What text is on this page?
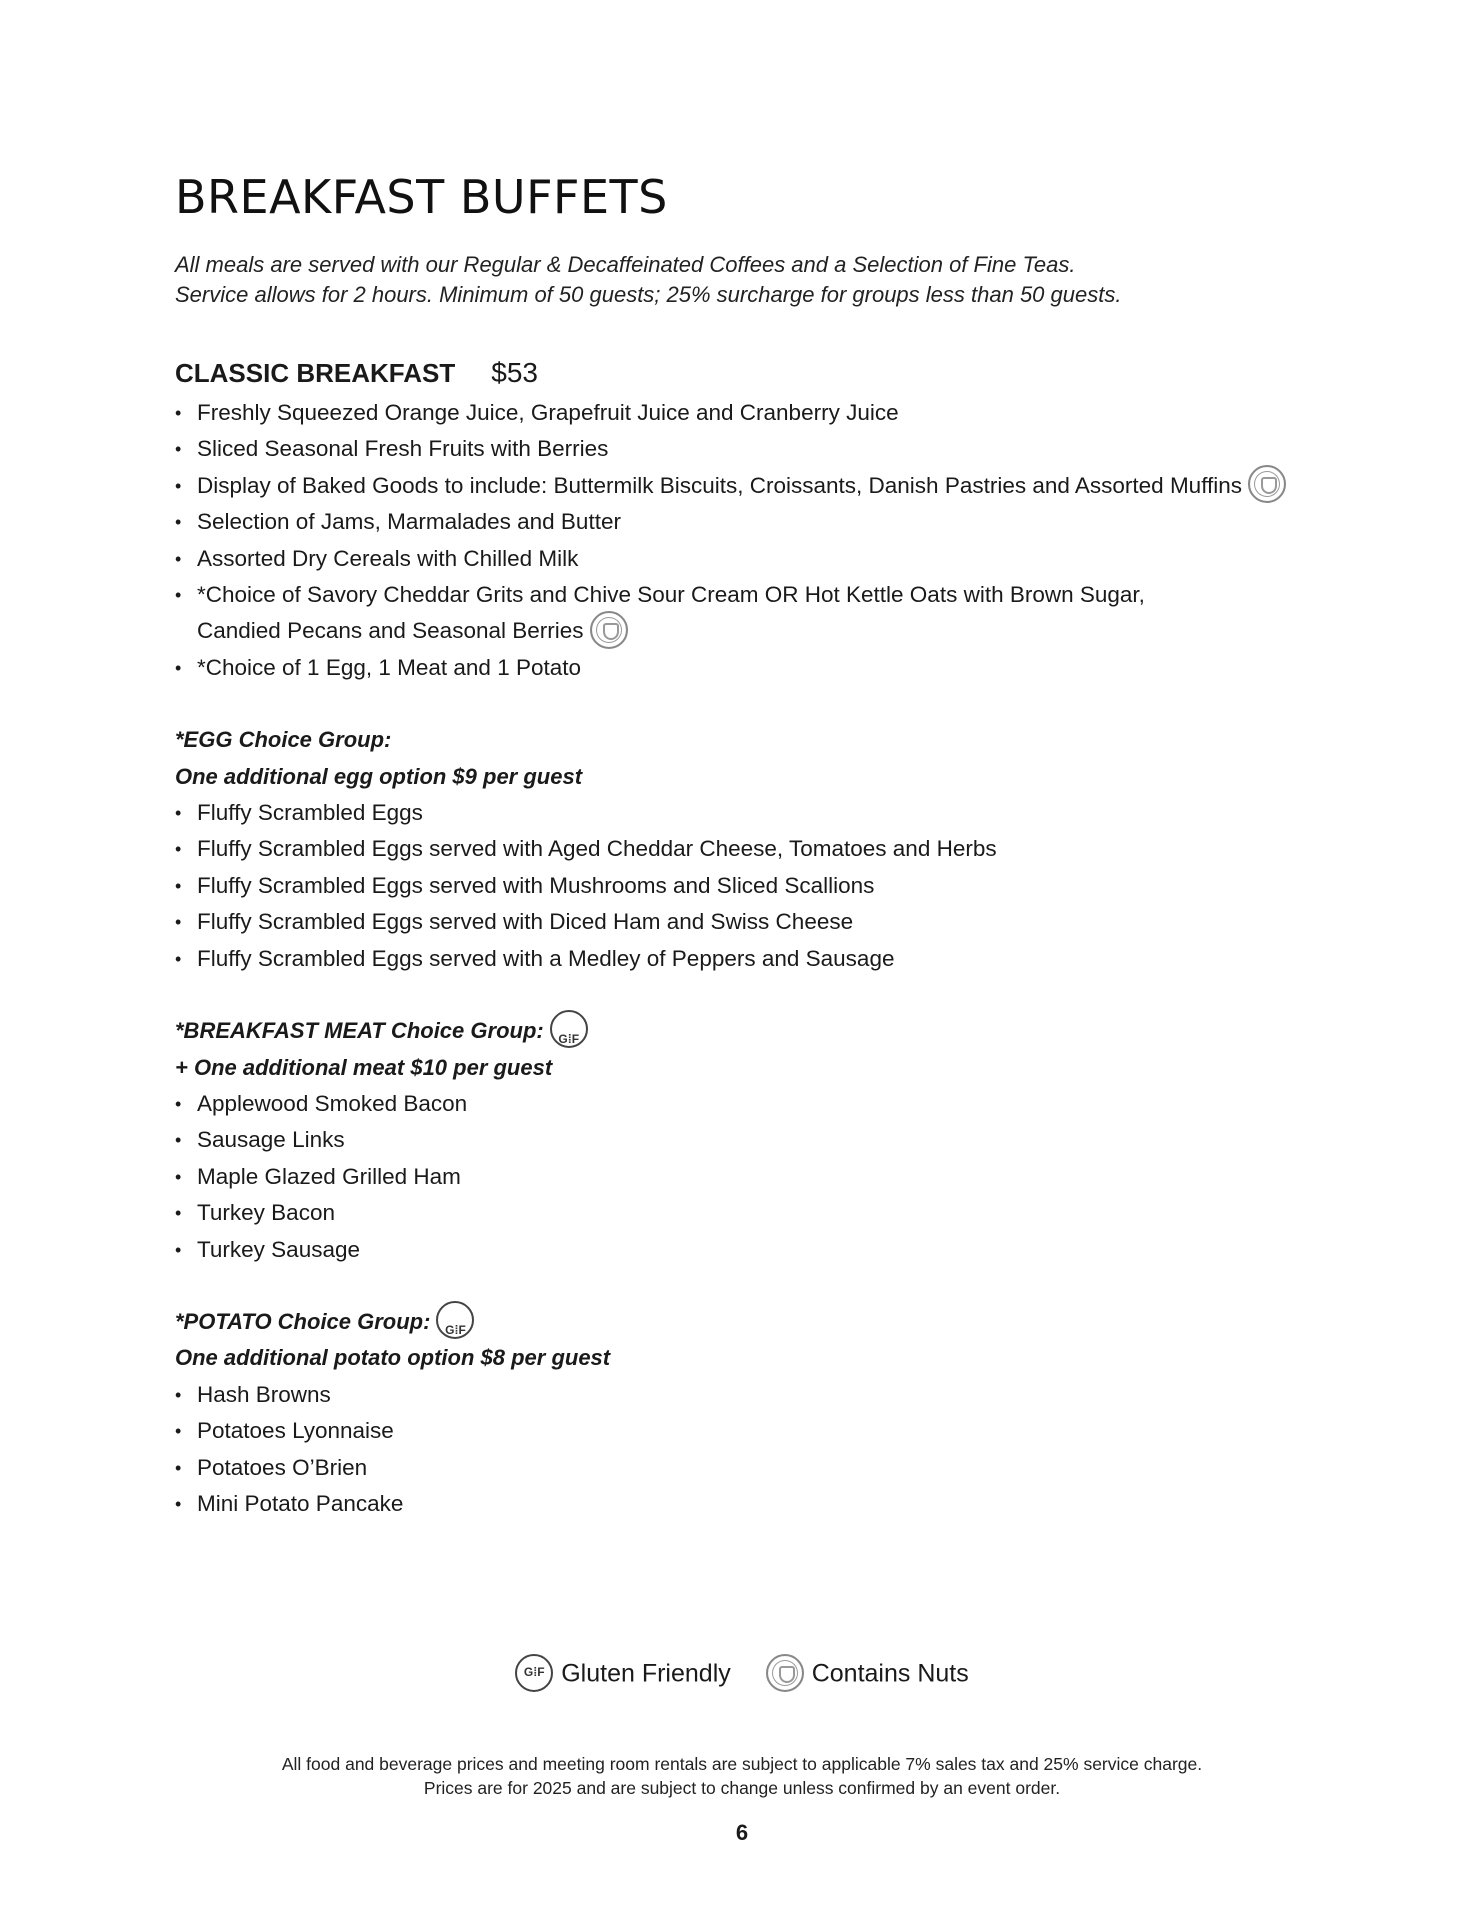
BREAKFAST BUFFETS
All meals are served with our Regular & Decaffeinated Coffees and a Selection of Fine Teas.
Service allows for 2 hours. Minimum of 50 guests; 25% surcharge for groups less than 50 guests.
CLASSIC BREAKFAST $53
• Freshly Squeezed Orange Juice, Grapefruit Juice and Cranberry Juice
• Sliced Seasonal Fresh Fruits with Berries
• Display of Baked Goods to include: Buttermilk Biscuits, Croissants, Danish Pastries and Assorted Muffins
• Selection of Jams, Marmalades and Butter
• Assorted Dry Cereals with Chilled Milk
• *Choice of Savory Cheddar Grits and Chive Sour Cream OR Hot Kettle Oats with Brown Sugar, Candied Pecans and Seasonal Berries
• *Choice of 1 Egg, 1 Meat and 1 Potato

*EGG Choice Group:

One additional egg option $9 per guest

• Fluffy Scrambled Eggs
• Fluffy Scrambled Eggs served with Aged Cheddar Cheese, Tomatoes and Herbs
• Fluffy Scrambled Eggs served with Mushrooms and Sliced Scallions
• Fluffy Scrambled Eggs served with Diced Ham and Swiss Cheese
• Fluffy Scrambled Eggs served with a Medley of Peppers and Sausage

*BREAKFAST MEAT Choice Group:G⁞F

+ One additional meat $10 per guest

• Applewood Smoked Bacon
• Sausage Links
• Maple Glazed Grilled Ham
• Turkey Bacon
• Turkey Sausage

*POTATO Choice Group:G⁞F

One additional potato option $8 per guest

• Hash Browns
• Potatoes Lyonnaise
• Potatoes O’Brien
• Mini Potato Pancake
G⁞FGluten Friendly	Contains Nuts
All food and beverage prices and meeting room rentals are subject to applicable 7% sales tax and 25% service charge.
Prices are for 2025 and are subject to change unless confirmed by an event order.
6
